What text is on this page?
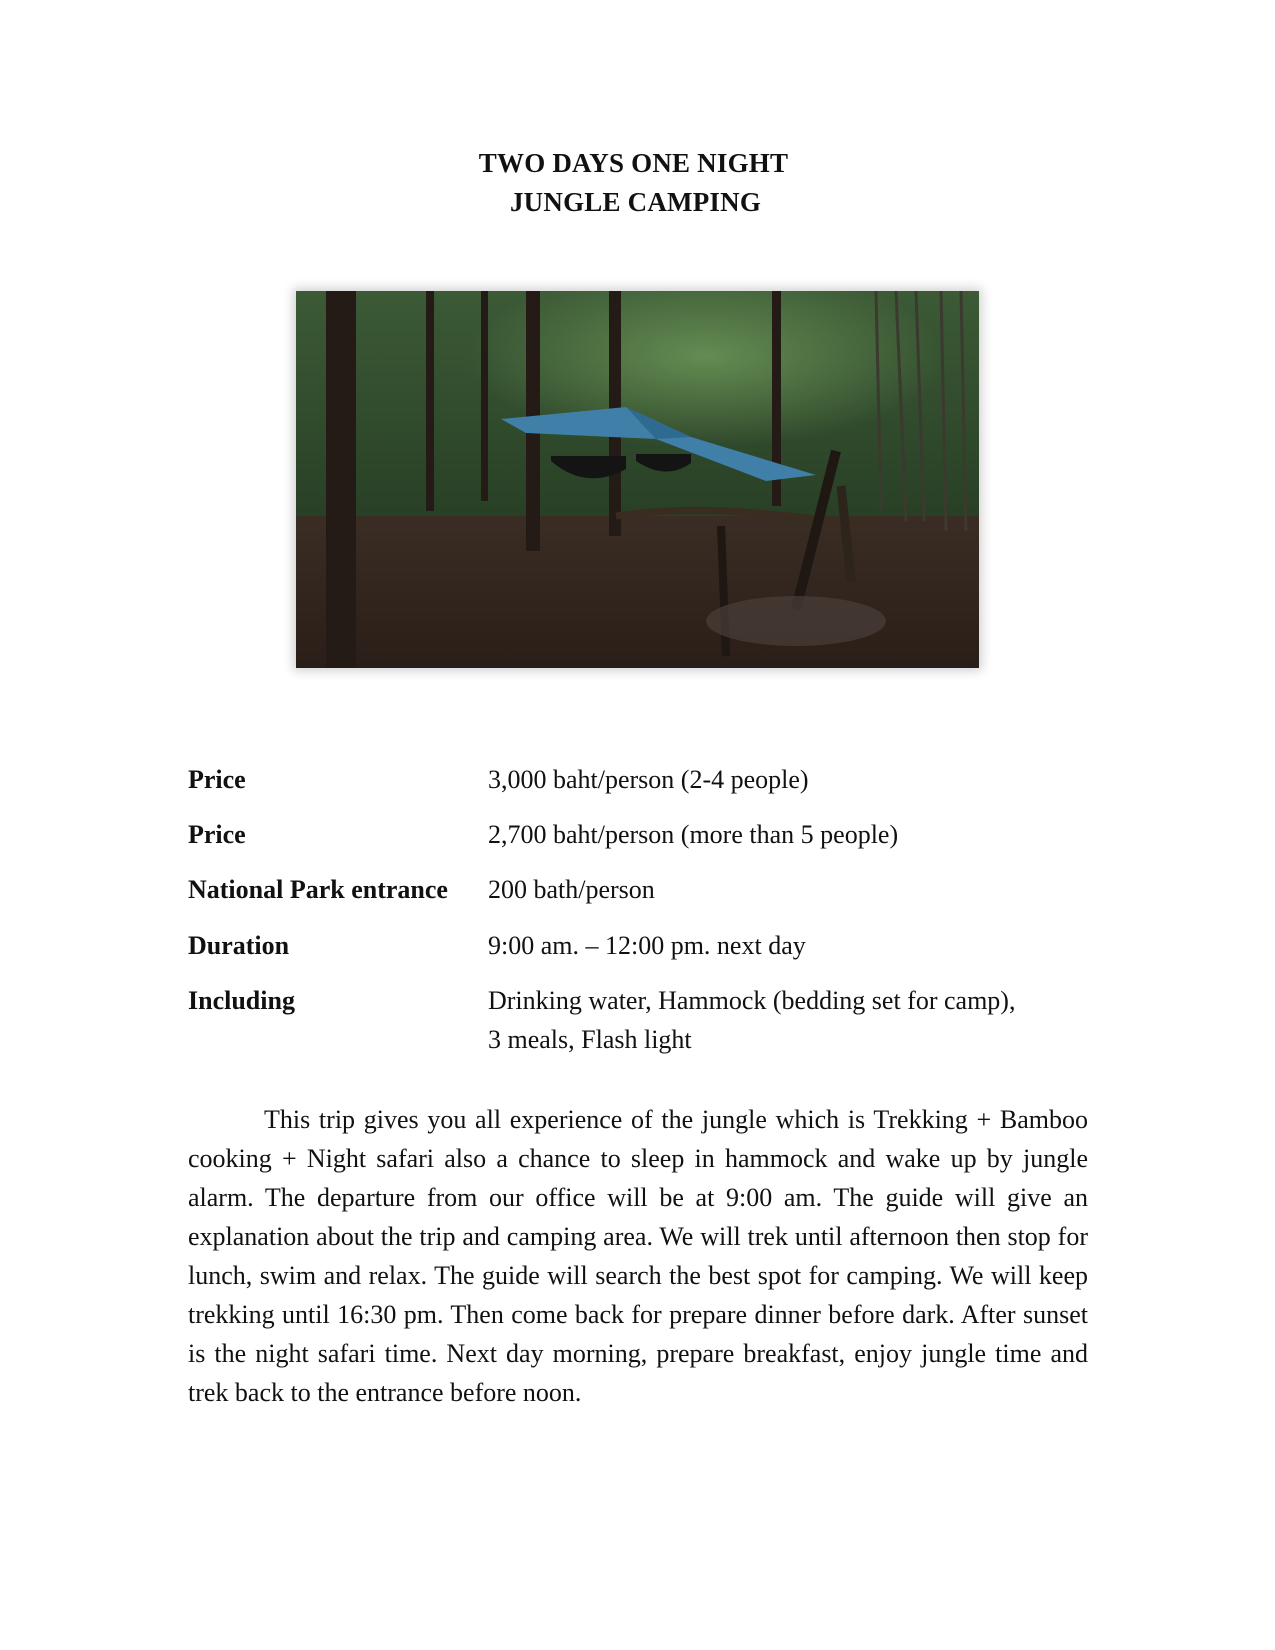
TWO DAYS ONE NIGHT
JUNGLE CAMPING
Price	3,000 baht/person (2-4 people)
Price	2,700 baht/person (more than 5 people)
National Park entrance 200 bath/person
Duration	9:00 am. – 12:00 pm. next day
Including	Drinking water, Hammock (bedding set for camp),
3 meals, Flash light

This trip gives you all experience of the jungle which is Trekking + Bamboo cooking + Night safari also a chance to sleep in hammock and wake up by jungle alarm. The departure from our office will be at 9:00 am. The guide will give an explanation about the trip and camping area. We will trek until afternoon then stop for lunch, swim and relax. The guide will search the best spot for camping. We will keep trekking until 16:30 pm. Then come back for prepare dinner before dark. After sunset is the night safari time. Next day morning, prepare breakfast, enjoy jungle time and trek back to the entrance before noon.
